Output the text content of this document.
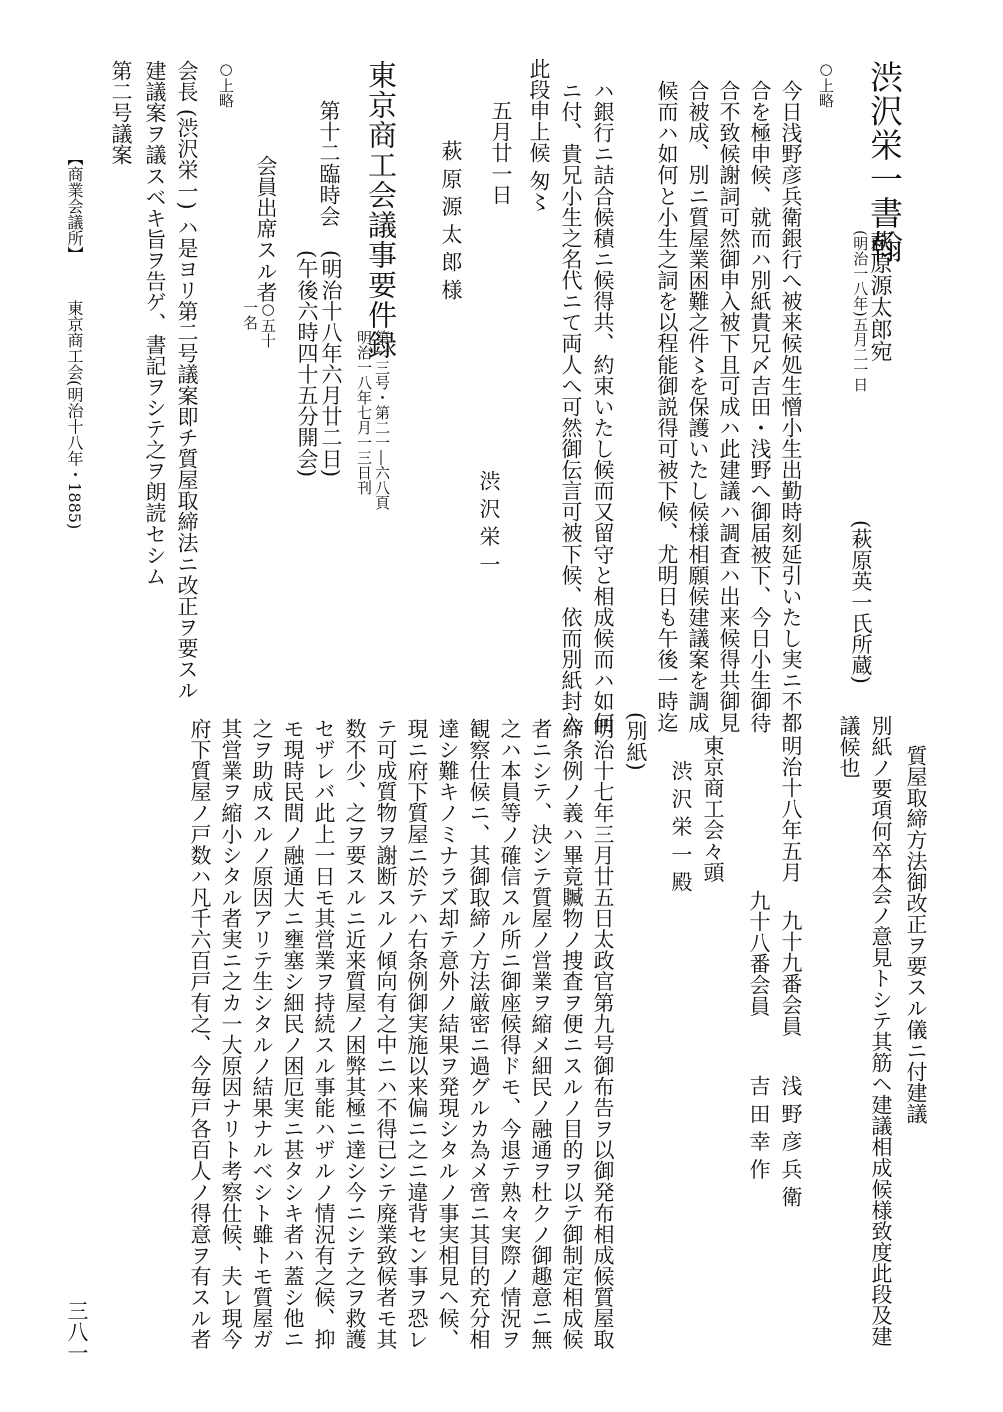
渋沢栄一書翰
萩原源太郎宛
(明治一八年)五月二一日
(萩原英一氏所蔵)
○上略
今日浅野彦兵衛銀行へ被来候処生憎小生出勤時刻延引いたし実ニ不都
合を極申候、就而ハ別紙貴兄〆吉田・浅野へ御届被下、今日小生御待
合不致候謝詞可然御申入被下且可成ハ此建議ハ調査ハ出来候得共御見
合被成、別ニ質屋業困難之件〻を保護いたし候様相願候建議案を調成
候而ハ如何と小生之詞を以程能御説得可被下候、尤明日も午後一時迄
ハ銀行ニ詰合候積ニ候得共、約束いたし候而又留守と相成候而ハ如何
ニ付、貴兄小生之名代ニて両人へ可然御伝言可被下候、依而別紙封入
此段申上候 匆〻
五月廿一日
渋 沢 栄 一
萩 原 源 太 郎 様
東京商工会議事要件録
第一三号・第二一―六八頁
明治一八年七月一三日刊
第十二臨時会
(明治十八年六月廿二日)
(午後六時四十五分開会)
会員出席スル者
○五十
一名
○上略
会長 (渋沢栄一) ハ是ヨリ第二号議案即チ質屋取締法ニ改正ヲ要スル
建議案ヲ議スベキ旨ヲ告ゲ、書記ヲシテ之ヲ朗読セシム
第二号議案
【商業会議所】
東京商工会
(明治十八年・1885)
質屋取締方法御改正ヲ要スル儀ニ付建議
別紙ノ要項何卒本会ノ意見トシテ其筋ヘ建議相成候様致度此段及建
議候也
明治十八年五月
九十九番会員
浅 野 彦 兵 衛
九十八番会員
吉 田 幸 作
東京商工会々頭
渋 沢 栄 一 殿
(別紙)
明治十七年三月廿五日太政官第九号御布告ヲ以御発布相成候質屋取
締条例ノ義ハ畢竟贓物ノ捜査ヲ便ニスルノ目的ヲ以テ御制定相成候
者ニシテ、決シテ質屋ノ営業ヲ縮メ細民ノ融通ヲ杜クノ御趣意ニ無
之ハ本員等ノ確信スル所ニ御座候得ドモ、今退テ熟々実際ノ情況ヲ
観察仕候ニ、其御取締ノ方法厳密ニ過グルカ為メ啻ニ其目的充分相
達シ難キノミナラズ却テ意外ノ結果ヲ発現シタルノ事実相見ヘ候、
現ニ府下質屋ニ於テハ右条例御実施以来偏ニ之ニ違背セン事ヲ恐レ
テ可成質物ヲ謝断スルノ傾向有之中ニハ不得已シテ廃業致候者モ其
数不少、之ヲ要スルニ近来質屋ノ困弊其極ニ達シ今ニシテ之ヲ救護
セザレバ此上一日モ其営業ヲ持続スル事能ハザルノ情況有之候、抑
モ現時民間ノ融通大ニ壅塞シ細民ノ困厄実ニ甚タシキ者ハ蓋シ他ニ
之ヲ助成スルノ原因アリテ生シタルノ結果ナルベシト雖トモ質屋ガ
其営業ヲ縮小シタル者実ニ之カ一大原因ナリト考察仕候、夫レ現今
府下質屋ノ戸数ハ凡千六百戸有之、今毎戸各百人ノ得意ヲ有スル者
三八一
